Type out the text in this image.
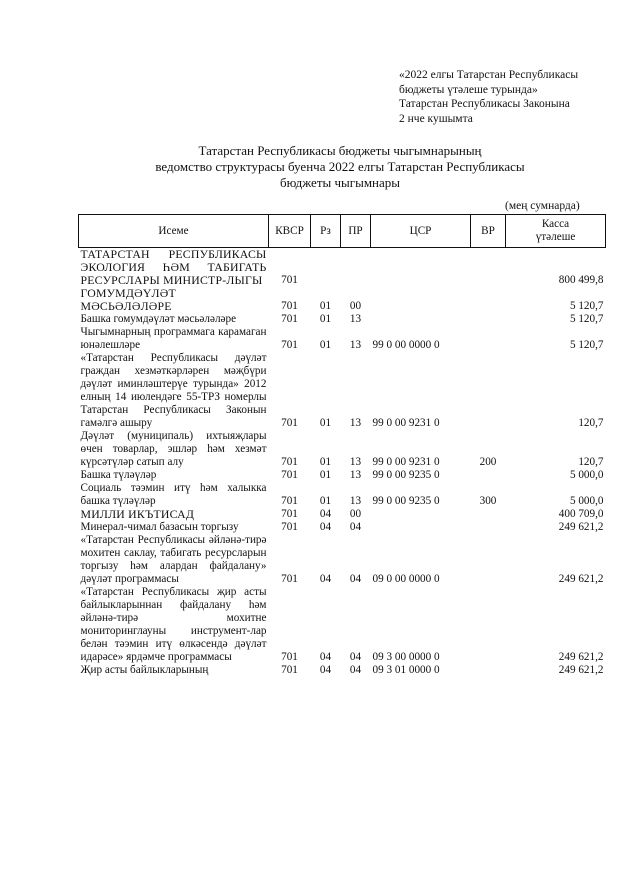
«2022 елгы Татарстан Республикасы
бюджеты үтәлеше турында»
Татарстан Республикасы Законына
2 нче кушымта
Татарстан Республикасы бюджеты чыгымнарының
ведомство структурасы буенча 2022 елгы Татарстан Республикасы
бюджеты чыгымнары
(мең сумнарда)
Исеме	КВСР	Рз	ПР	ЦСР	ВР	Касса
үтәлеше

ТАТАРСТАН РЕСПУБЛИКАСЫ ЭКОЛОГИЯ ҺӘМ ТАБИГАТЬ РЕСУРСЛАРЫ МИНИСТР-ЛЫГЫ	701					800 499,8
ГОМУМДӘҮЛӘТ МӘСЬӘЛӘЛӘРЕ	701	01	00			5 120,7
Башка гомумдәүләт мәсьәләләре	701	01	13			5 120,7
Чыгымнарның программага карамаган юнәлешләре	701	01	13	99 0 00 0000 0		5 120,7
«Татарстан Республикасы дәүләт граждан хезмәткәрләрен мәҗбүри дәүләт иминләштерүе турында» 2012 елның 14 июлендәге 55-ТРЗ номерлы Татарстан Республикасы Законын гамәлгә ашыру	701	01	13	99 0 00 9231 0		120,7
Дәүләт (муниципаль) ихтыяҗлары өчен товарлар, эшләр һәм хезмәт күрсәтүләр сатып алу	701	01	13	99 0 00 9231 0	200	120,7
Башка түләүләр	701	01	13	99 0 00 9235 0		5 000,0
Социаль тәэмин итү һәм халыкка башка түләүләр	701	01	13	99 0 00 9235 0	300	5 000,0
МИЛЛИ ИКЪТИСАД	701	04	00			400 709,0
Минерал-чимал базасын торгызу	701	04	04			249 621,2
«Татарстан Республикасы әйләнә-тирә мохитен саклау, табигать ресурсларын торгызу һәм алардан файдалану» дәүләт программасы	701	04	04	09 0 00 0000 0		249 621,2
«Татарстан Республикасы җир асты байлыкларыннан файдалану һәм әйләнә-тирә мохитне мониторинглауны инструмент-лар белән тәэмин итү өлкәсендә дәүләт идарәсе» ярдәмче программасы	701	04	04	09 3 00 0000 0		249 621,2
Җир асты байлыкларының	701	04	04	09 3 01 0000 0		249 621,2
